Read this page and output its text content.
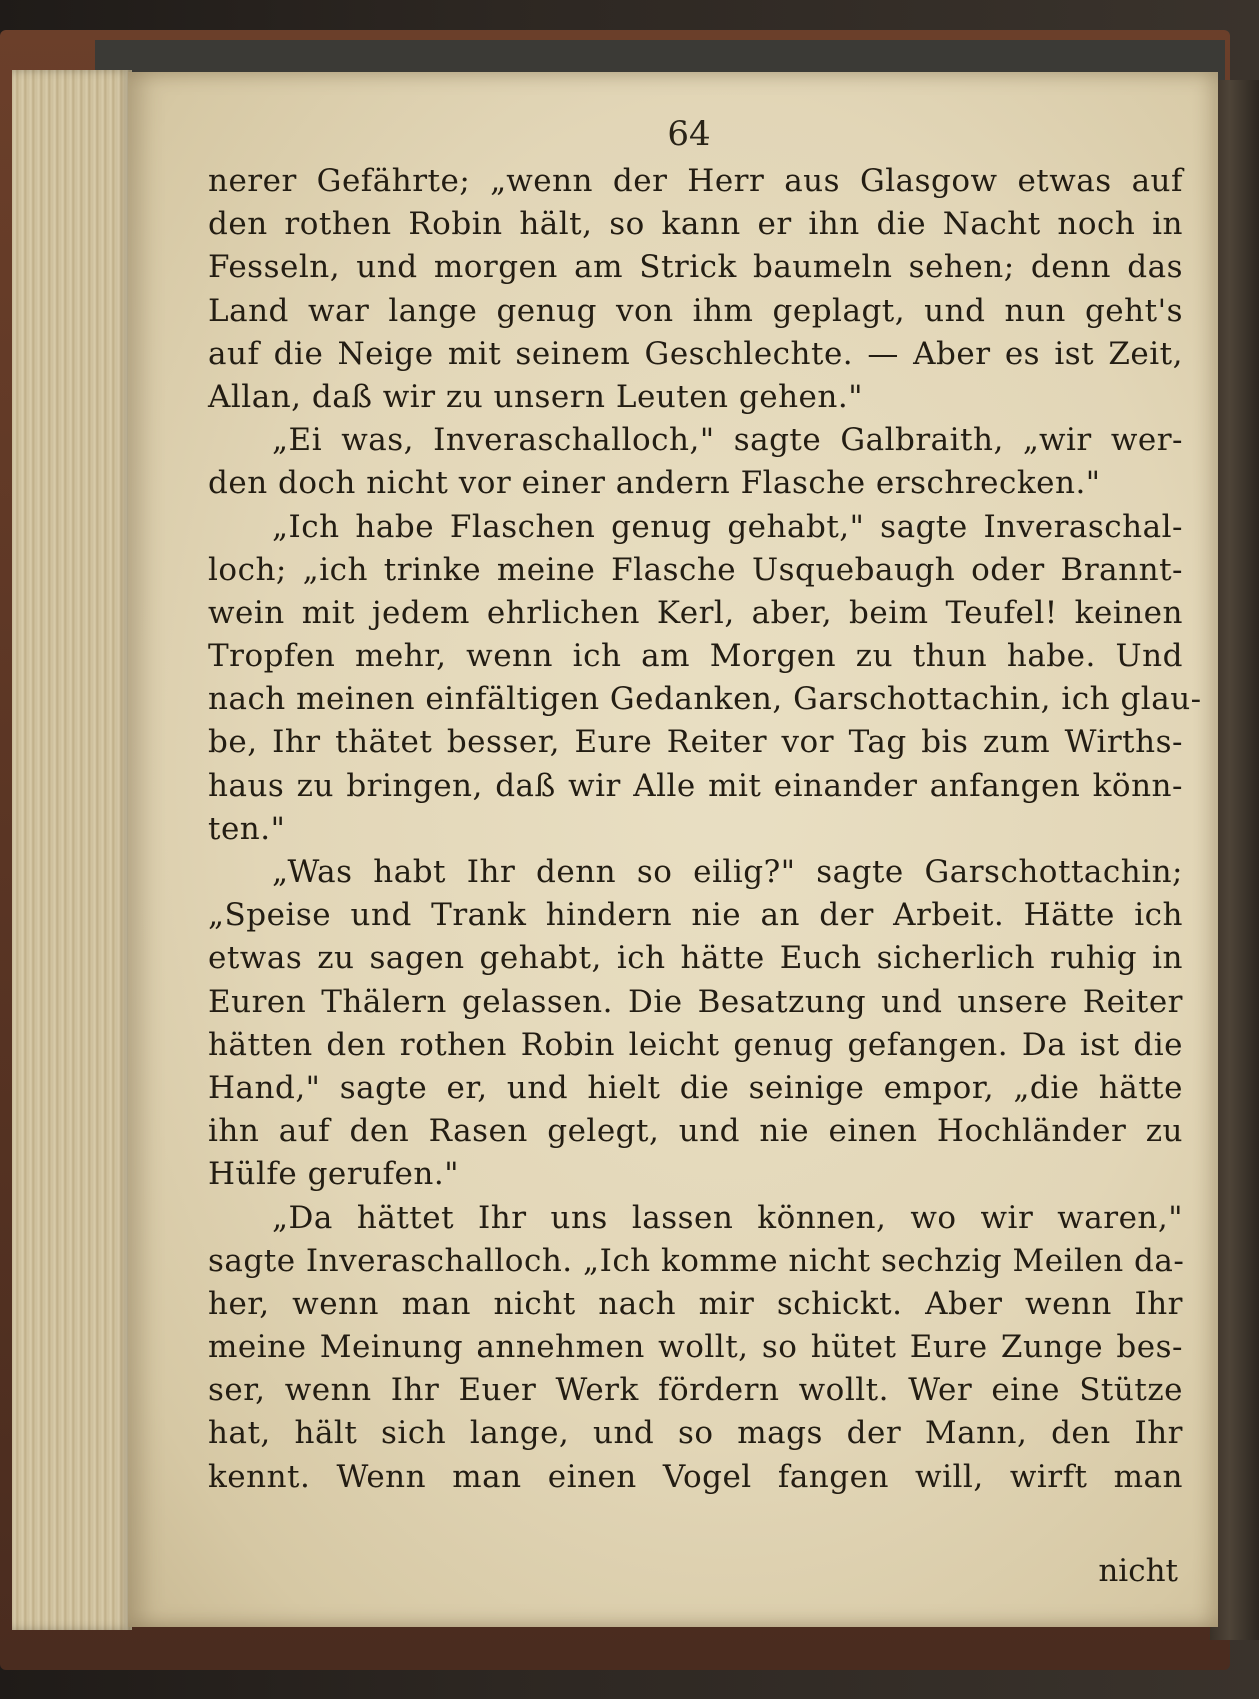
64
nerer Gefährte; „wenn der Herr aus Glasgow etwas auf
den rothen Robin hält, so kann er ihn die Nacht noch in
Fesseln, und morgen am Strick baumeln sehen; denn das
Land war lange genug von ihm geplagt, und nun geht's
auf die Neige mit seinem Geschlechte. — Aber es ist Zeit,
Allan, daß wir zu unsern Leuten gehen."
„Ei was, Inveraschalloch," sagte Galbraith, „wir wer-
den doch nicht vor einer andern Flasche erschrecken."
„Ich habe Flaschen genug gehabt," sagte Inveraschal-
loch; „ich trinke meine Flasche Usquebaugh oder Brannt-
wein mit jedem ehrlichen Kerl, aber, beim Teufel! keinen
Tropfen mehr, wenn ich am Morgen zu thun habe. Und
nach meinen einfältigen Gedanken, Garschottachin, ich glau-
be, Ihr thätet besser, Eure Reiter vor Tag bis zum Wirths-
haus zu bringen, daß wir Alle mit einander anfangen könn-
ten."
„Was habt Ihr denn so eilig?" sagte Garschottachin;
„Speise und Trank hindern nie an der Arbeit. Hätte ich
etwas zu sagen gehabt, ich hätte Euch sicherlich ruhig in
Euren Thälern gelassen. Die Besatzung und unsere Reiter
hätten den rothen Robin leicht genug gefangen. Da ist die
Hand," sagte er, und hielt die seinige empor, „die hätte
ihn auf den Rasen gelegt, und nie einen Hochländer zu
Hülfe gerufen."
„Da hättet Ihr uns lassen können, wo wir waren,"
sagte Inveraschalloch. „Ich komme nicht sechzig Meilen da-
her, wenn man nicht nach mir schickt. Aber wenn Ihr
meine Meinung annehmen wollt, so hütet Eure Zunge bes-
ser, wenn Ihr Euer Werk fördern wollt. Wer eine Stütze
hat, hält sich lange, und so mags der Mann, den Ihr
kennt. Wenn man einen Vogel fangen will, wirft man
nicht
